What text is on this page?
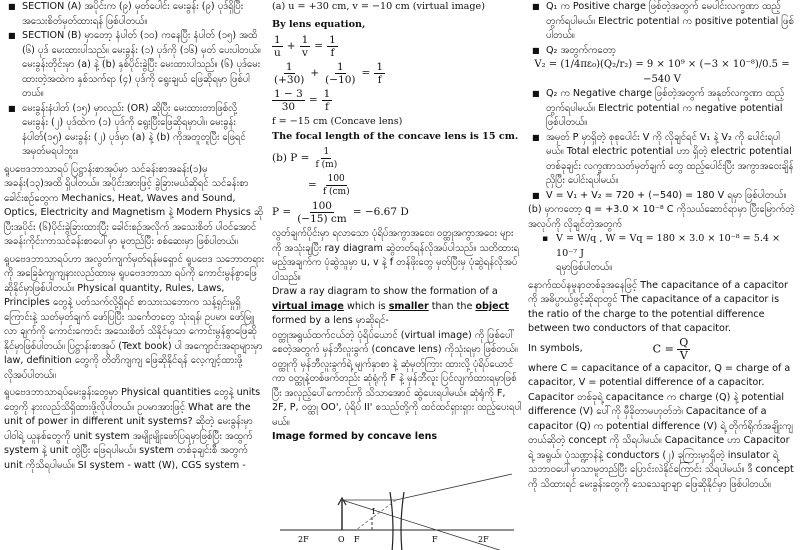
■ SECTION (A) အပိုင်းက (၉) မှတ်ပေါင်း မေးခွန်း (၉) ပုဒ်ရှိပြီး အသေးစိတ်မှတ်ထားရန် ဖြစ်ပါတယ်။
■ SECTION (B) မှာတော့ နံပါတ် (၁၀) ကနေပြီး နံပါတ် (၁၅) အထိ (၆) ပုဒ် မေးထားပါသည်။ မေးခွန်း (၁) ပုဒ်ကို (၁၆) မှတ် ပေးပါတယ်။ မေးခွန်းတိုင်းမှာ (a) နဲ့ (b) နှစ်ပိုင်းခွဲပြီး မေးထားပါသည်။ (၆) ပုဒ်မေးထားတဲ့အထဲက နှစ်သက်ရာ (၄) ပုဒ်ကို ရွေးချယ် ဖြေဆိုရမှာ ဖြစ်ပါတယ်။
■ မေးခွန်းနံပါတ် (၁၅) မှာလည်း (OR) ဆိုပြီး မေးထားတာဖြစ်လို့ မေးခွန်း (၂) ပုဒ်ထဲက (၁) ပုဒ်ကို ရွေးပြီးဖြေဆိုရမှာပါ။ မေးခွန်း နံပါတ်(၁၅) မေးခွန်း (၂) ပုဒ်မှာ (a) နဲ့ (b) ကိုအတူတူပြီး ဖြေရင် အမှတ်မရပါဘူး။

ရူပဗေဒဘာသာရပ် ပြဋ္ဌာန်းစာအုပ်မှာ သင်ခန်းစာအခန်း(၁)မှ အခန်း(၁၃)အထိ ရှိပါတယ်။ အပိုင်းအားဖြင့် ခွဲခြားမယ်ဆိုရင် သင်ခန်းစာခေါင်းစဉ်တွေက Mechanics, Heat, Waves and Sound, Optics, Electricity and Magnetism နဲ့ Modern Physics ဆိုပြီးအပိုင်း (၆)ပိုင်းခွဲခြားထားပြီး ခေါင်းစဉ်အလိုက် အသေးစိတ် ပါဝင်အောင် အခန်းကိုင်းကာသင်ခန်းစာပေါ်မှာ မူတည်ပြီး စစ်ဆေးမှာ ဖြစ်ပါတယ်။

ရူပဗေဒဘာသာရပ်ဟာ အလွတ်ကျက်မှတ်ရန်မရှောင် ရူပဗေဒ သဘောတရားကို အခြေခံကျကျနားလည်ထားမှ ရူပဗေဒဘာသာ ရပ်ကို ကောင်းမွန်စွာဖြေဆိုနိုင်မှာဖြစ်ပါတယ်။ Physical quantity, Rules, Laws, Principles တွေနဲ့ ပတ်သက်လို့ရှိရင် စာသားသဘောက သန့်ရှင်းမှုရှိကြောင်းနဲ့ သတ်မှတ်ချက် ဖော်ပြပြီး သင်္ကေတတွေ သုံးရန်၊ ဥပမာ၊ ဖော်မြူလာ ချက်ကို ကောင်းကောင်း အသေးစိတ် သိနိုင်မှသာ ကောင်းမွန်စွာဖြေဆိုနိုင်မှာဖြစ်ပါတယ်။ ပြဋ္ဌာန်းစာအုပ် (Text book) ပါ အကျောင်းအရာများမှာ law, definition တွေကို တိတိကျကျ ဖြေဆိုနိုင်ရန် လေ့ကျင့်ထားဖို့ လိုအပ်ပါတယ်။

ရူပဗေဒဘာသာရပ်မေးခွန်းတွေမှာ Physical quantities တွေနဲ့ units တွေကို နားလည်သိရှိထားဖို့လိုပါတယ်။ ဥပမာအားဖြင့် What are the unit of power in different unit systems? ဆိုတဲ့ မေးခွန်းမှာ ပါဝါရဲ့ ယူနစ်တွေကို unit system အမျိုးမျိုးဖော်ပြရမှာဖြစ်ပြီး အထွက် system နဲ့ unit တွဲပြီး ဖြေရပါမယ်။ system တစ်ခုချင်းစီ အတွက် unit ကိုသိရပါမယ်။ SI system - watt (W), CGS system -

(a) u = +30 cm, v = −10 cm (virtual image)
By lens equation,
$\frac{1}{u} + \frac{1}{v} = \frac{1}{f}$
$\frac{1}{(+30)} + \frac{1}{(-10)} = \frac{1}{f}$
$\frac{1 - 3}{30} = \frac{1}{f}$
f = −15 cm (Concave lens)
The focal length of the concave lens is 15 cm.
(b) $P = \frac{1}{f (m)}$
= $\frac{100}{f (cm)}$
$P = \frac{100}{(-15) cm} = -6.67$ D

လွတ်ချက်ပိုင်းမှာ ရလာသော ပုံရိပ်အကွာအဝေး၊ ဝတ္ထုအကွာအဝေး များကို အသုံးချပြီး ray diagram ဆွဲတတ်ရန်လိုအပ်ပါသည်။ သတိထားရမည့်အချက်က ပုံဆွဲသူမှာ u, v နဲ့ f တန်ဖိုးတွေ မှတ်ပြီးမှ ပုံဆွဲရန်လိုအပ်ပါသည်။

Draw a ray diagram to show the formation of a virtual image which is smaller than the object formed by a lens မှာဆိုရင်-

ဝတ္ထုအရွယ်ထက်ငယ်တဲ့ ပုံရိပ်ယောင် (virtual image) ကို ဖြစ်ပေါ်စေတဲ့အတွက် မှန်ဘီလူးခွက် (concave lens) ကိုသုံးရမှာ ဖြစ်တယ်။ ဝတ္ထုကို မှန်ဘီလူးခွက်ရဲ့ မျက်နှာစာ နဲ့ ဆုံမှတ်ကြား ထားလို့ ပုံရိပ်ယောင်ကာ ဝတ္ထုနဲ့တစ်ဖက်တည်း ဆုံရုံကို F နဲ့ မှန်ဘီလူး ပြင်လျက်ထားရမှာဖြစ်ပြီး အလှည့်ပေါ်ကောင်းကို သိသာအောင် ဆွဲပေးရပါမယ်။ ဆုံရုံကို F, 2F, P, ဝတ္ထု OO', ပုံရိပ် II' စသည်တို့ကို ထင်ထင်ရှားရှား ထည့်ပေးရပါမယ်။

Image formed by concave lens
2F	F
O
I
F	2F
■ Q₁ က Positive charge ဖြစ်တဲ့အတွက် မေပါင်းလက္ခဏာ ထည့်တွက်ရပါမယ်။ Electric potential က positive potential ဖြစ်ပါတယ်။
■ Q₂ အတွက်ကတော့
V₂ = (1/4πε₀)(Q₂/r₂) = 9 × 10⁹ × (−3 × 10⁻⁸)/0.5 = −540 V
■ Q₂ က Negative charge ဖြစ်တဲ့အတွက် အနုတ်လက္ခဏာ ထည့်တွက်ရပါမယ်။ Electric potential က negative potential ဖြစ်ပါတယ်။
■ အမှတ် P မှာရှိတဲ့ စုစုပေါင်း V ကို လိုချင်ရင် V₁ နဲ့ V₂ ကို ပေါင်းရပါမယ်။ Total electric potential ဟာ ရှိတဲ့ electric potential တစ်ခုချင်း လက္ခဏာသတ်မှတ်ချက် တွေ ထည့်ပေါင်းပြီး အကွာအဝေးချိန်ညှိပြီး ပေါင်းရပါမယ်။
■ V = V₁ + V₂ = 720 + (−540) = 180 V ရမှာ ဖြစ်ပါတယ်။

(b) မှာကတော့ q = +3.0 × 10⁻⁸ C ကိုသယ်ဆောင်ရာမှာ ပြီးမြောက်တဲ့ အလုပ်ကို လိုချင်တဲ့အတွက်

▪ V = W/q , W = Vq = 180 × 3.0 × 10⁻⁸ = 5.4 × 10⁻⁷ J
ရမှာဖြစ်ပါတယ်။

နောက်ထပ်နမူနာတစ်ခုအနေဖြင့် The capacitance of a capacitor ကို အဓိပ္ပာယ်ဖွင့်ဆိုရာတွင် The capacitance of a capacitor is the ratio of the charge to the potential difference between two conductors of that capacitor.

In symbols,	$C = \frac{Q}{V}$

where C = capacitance of a capacitor, Q = charge of a capacitor, V = potential difference of a capacitor.

Capacitor တစ်ခုရဲ့ capacitance က charge (Q) နဲ့ potential difference (V) ပေါ်ကို မှီခိုတာမဟုတ်ဘဲ၊ Capacitance of a capacitor (Q) က potential difference (V) ရဲ့ တိုက်ရိုက်အချိုးကျ တယ်ဆိုတဲ့ concept ကို သိရပါမယ်။ Capacitance ဟာ Capacitor ရဲ့ အရွယ်၊ ပုံသဏ္ဍာန်နဲ့ conductors (၂) ခုကြားမှာရှိတဲ့ insulator ရဲ့ သဘာဝပေါ်မှာသာမူတည်ပြီး ပြောင်းလဲနိုင်ကြောင်း သိရပါမယ်။ ဒီ concept ကို သိထားရင် မေးခွန်းတွေကို သေသေချာချာ ဖြေဆိုနိုင်မှာ ဖြစ်ပါတယ်။
